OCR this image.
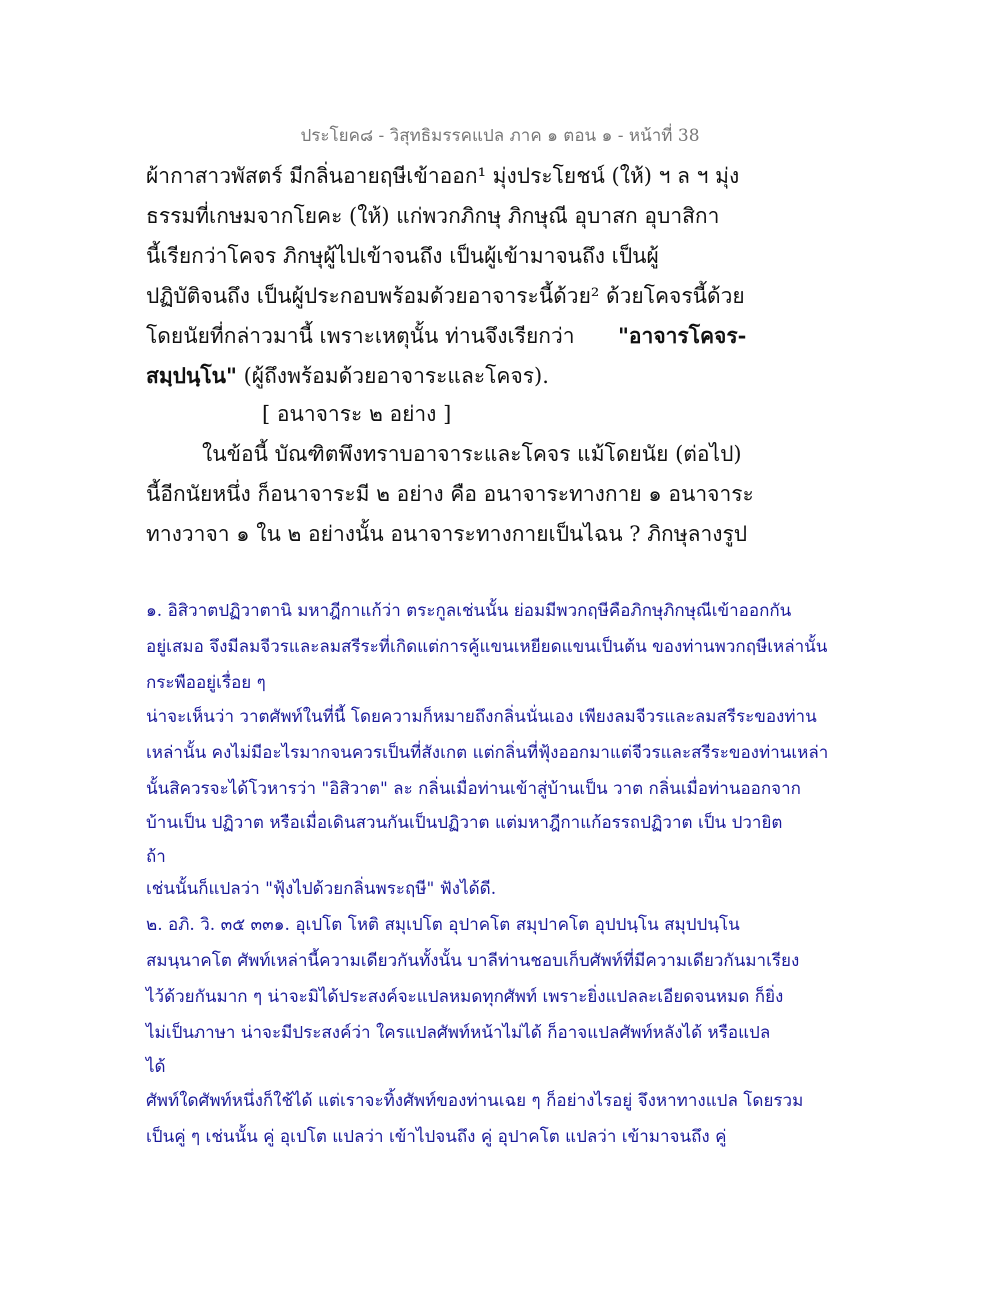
ประโยค๘ - วิสุทธิมรรคแปล ภาค ๑ ตอน ๑ - หน้าที่ 38
ผ้ากาสาวพัสตร์ มีกลิ่นอายฤษีเข้าออก¹ มุ่งประโยชน์ (ให้) ฯ ล ฯ มุ่ง
ธรรมที่เกษมจากโยคะ (ให้) แก่พวกภิกษุ ภิกษุณี อุบาสก อุบาสิกา
นี้เรียกว่าโคจร ภิกษุผู้ไปเข้าจนถึง เป็นผู้เข้ามาจนถึง เป็นผู้
ปฏิบัติจนถึง เป็นผู้ประกอบพร้อมด้วยอาจาระนี้ด้วย² ด้วยโคจรนี้ด้วย
โดยนัยที่กล่าวมานี้ เพราะเหตุนั้น ท่านจึงเรียกว่า "อาจารโคจร-
สมฺปนฺโน" (ผู้ถึงพร้อมด้วยอาจาระและโคจร).
[ อนาจาระ ๒ อย่าง ]
ในข้อนี้ บัณฑิตพึงทราบอาจาระและโคจร แม้โดยนัย (ต่อไป)
นี้อีกนัยหนึ่ง ก็อนาจาระมี ๒ อย่าง คือ อนาจาระทางกาย ๑ อนาจาระ
ทางวาจา ๑ ใน ๒ อย่างนั้น อนาจาระทางกายเป็นไฉน ? ภิกษุลางรูป
๑. อิสิวาตปฏิวาตานิ มหาฎีกาแก้ว่า ตระกูลเช่นนั้น ย่อมมีพวกฤษีคือภิกษุภิกษุณีเข้าออกกัน
อยู่เสมอ จึงมีลมจีวรและลมสรีระที่เกิดแต่การคู้แขนเหยียดแขนเป็นต้น ของท่านพวกฤษีเหล่านั้น
กระพืออยู่เรื่อย ๆ
น่าจะเห็นว่า วาตศัพท์ในที่นี้ โดยความก็หมายถึงกลิ่นนั่นเอง เพียงลมจีวรและลมสรีระของท่าน
เหล่านั้น คงไม่มีอะไรมากจนควรเป็นที่สังเกต แต่กลิ่นที่ฟุ้งออกมาแต่จีวรและสรีระของท่านเหล่า
นั้นสิควรจะได้โวหารว่า "อิสิวาต" ละ กลิ่นเมื่อท่านเข้าสู่บ้านเป็น วาต กลิ่นเมื่อท่านออกจาก
บ้านเป็น ปฏิวาต หรือเมื่อเดินสวนกันเป็นปฏิวาต แต่มหาฎีกาแก้อรรถปฏิวาต เป็น ปวายิต
ถ้า
เช่นนั้นก็แปลว่า "ฟุ้งไปด้วยกลิ่นพระฤษี" ฟังได้ดี.
๒. อภิ. วิ. ๓๕ ๓๓๑. อุเปโต โหติ สมุเปโต อุปาคโต สมุปาคโต อุปปนฺโน สมุปปนฺโน
สมนฺนาคโต ศัพท์เหล่านี้ความเดียวกันทั้งนั้น บาลีท่านชอบเก็บศัพท์ที่มีความเดียวกันมาเรียง
ไว้ด้วยกันมาก ๆ น่าจะมิได้ประสงค์จะแปลหมดทุกศัพท์ เพราะยิ่งแปลละเอียดจนหมด ก็ยิ่ง
ไม่เป็นภาษา น่าจะมีประสงค์ว่า ใครแปลศัพท์หน้าไม่ได้ ก็อาจแปลศัพท์หลังได้ หรือแปล
ได้
ศัพท์ใดศัพท์หนึ่งก็ใช้ได้ แต่เราจะทิ้งศัพท์ของท่านเฉย ๆ ก็อย่างไรอยู่ จึงหาทางแปล โดยรวม
เป็นคู่ ๆ เช่นนั้น คู่ อุเปโต แปลว่า เข้าไปจนถึง คู่ อุปาคโต แปลว่า เข้ามาจนถึง คู่
